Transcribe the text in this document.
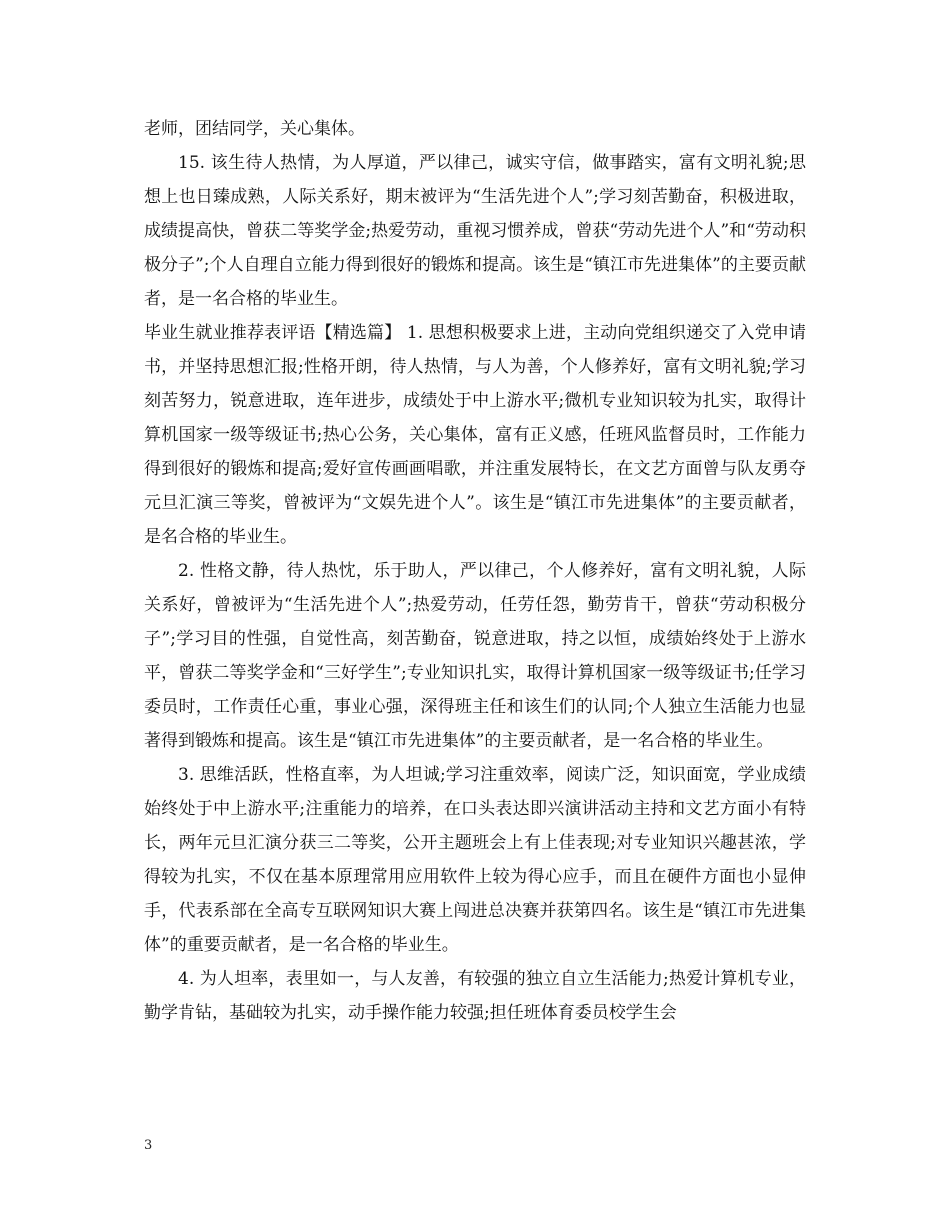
老师，团结同学，关心集体。

15. 该生待人热情，为人厚道，严以律己，诚实守信，做事踏实，富有文明礼貌;思想上也日臻成熟，人际关系好，期末被评为“生活先进个人”;学习刻苦勤奋，积极进取，成绩提高快，曾获二等奖学金;热爱劳动，重视习惯养成，曾获“劳动先进个人”和“劳动积极分子”;个人自理自立能力得到很好的锻炼和提高。该生是“镇江市先进集体”的主要贡献者，是一名合格的毕业生。

毕业生就业推荐表评语【精选篇】 1. 思想积极要求上进，主动向党组织递交了入党申请书，并坚持思想汇报;性格开朗，待人热情，与人为善，个人修养好，富有文明礼貌;学习刻苦努力，锐意进取，连年进步，成绩处于中上游水平;微机专业知识较为扎实，取得计算机国家一级等级证书;热心公务，关心集体，富有正义感，任班风监督员时，工作能力得到很好的锻炼和提高;爱好宣传画画唱歌，并注重发展特长，在文艺方面曾与队友勇夺元旦汇演三等奖，曾被评为“文娱先进个人”。该生是“镇江市先进集体”的主要贡献者，是名合格的毕业生。

2. 性格文静，待人热忱，乐于助人，严以律己，个人修养好，富有文明礼貌，人际关系好，曾被评为“生活先进个人”;热爱劳动，任劳任怨，勤劳肯干，曾获“劳动积极分子”;学习目的性强，自觉性高，刻苦勤奋，锐意进取，持之以恒，成绩始终处于上游水平，曾获二等奖学金和“三好学生”;专业知识扎实，取得计算机国家一级等级证书;任学习委员时，工作责任心重，事业心强，深得班主任和该生们的认同;个人独立生活能力也显著得到锻炼和提高。该生是“镇江市先进集体”的主要贡献者，是一名合格的毕业生。

3. 思维活跃，性格直率，为人坦诚;学习注重效率，阅读广泛，知识面宽，学业成绩始终处于中上游水平;注重能力的培养，在口头表达即兴演讲活动主持和文艺方面小有特长，两年元旦汇演分获三二等奖，公开主题班会上有上佳表现;对专业知识兴趣甚浓，学得较为扎实，不仅在基本原理常用应用软件上较为得心应手，而且在硬件方面也小显伸手，代表系部在全高专互联网知识大赛上闯进总决赛并获第四名。该生是“镇江市先进集体”的重要贡献者，是一名合格的毕业生。

4. 为人坦率，表里如一，与人友善，有较强的独立自立生活能力;热爱计算机专业，勤学肯钻，基础较为扎实，动手操作能力较强;担任班体育委员校学生会

3
